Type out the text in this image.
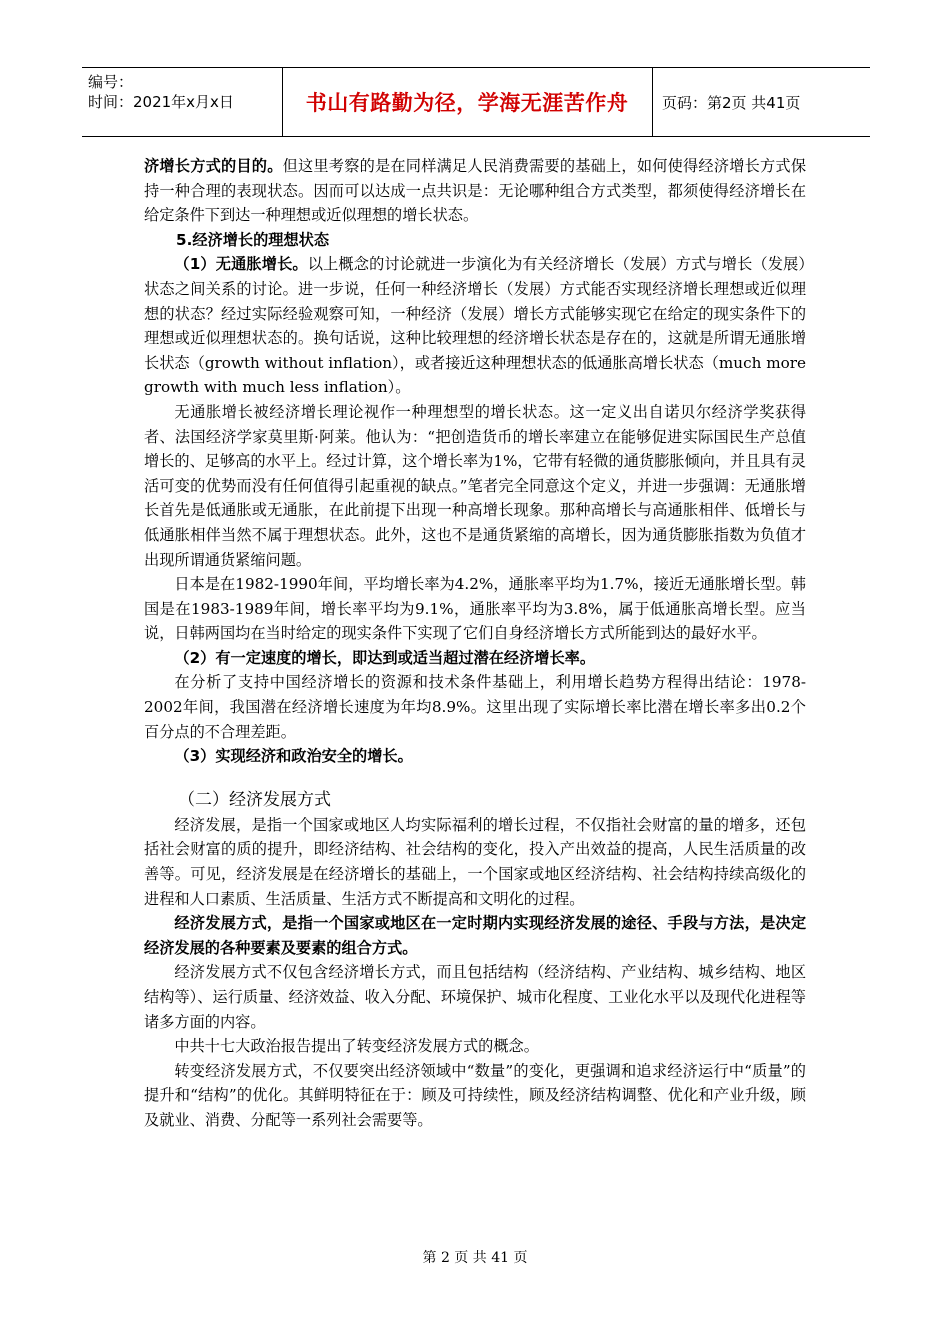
编号：
时间：2021年x月x日	书山有路勤为径，学海无涯苦作舟 页码：第2页 共41页

济增长方式的目的。但这里考察的是在同样满足人民消费需要的基础上，如何使得经济增长方式保持一种合理的表现状态。因而可以达成一点共识是：无论哪种组合方式类型，都须使得经济增长在给定条件下到达一种理想或近似理想的增长状态。

5.经济增长的理想状态

（1）无通胀增长。以上概念的讨论就进一步演化为有关经济增长（发展）方式与增长（发展）状态之间关系的讨论。进一步说，任何一种经济增长（发展）方式能否实现经济增长理想或近似理想的状态？经过实际经验观察可知，一种经济（发展）增长方式能够实现它在给定的现实条件下的理想或近似理想状态的。换句话说，这种比较理想的经济增长状态是存在的，这就是所谓无通胀增长状态（growth without inflation），或者接近这种理想状态的低通胀高增长状态（much more growth with much less inflation）。

无通胀增长被经济增长理论视作一种理想型的增长状态。这一定义出自诺贝尔经济学奖获得者、法国经济学家莫里斯·阿莱。他认为：“把创造货币的增长率建立在能够促进实际国民生产总值增长的、足够高的水平上。经过计算，这个增长率为1%，它带有轻微的通货膨胀倾向，并且具有灵活可变的优势而没有任何值得引起重视的缺点。”笔者完全同意这个定义，并进一步强调：无通胀增长首先是低通胀或无通胀，在此前提下出现一种高增长现象。那种高增长与高通胀相伴、低增长与低通胀相伴当然不属于理想状态。此外，这也不是通货紧缩的高增长，因为通货膨胀指数为负值才出现所谓通货紧缩问题。

日本是在1982-1990年间，平均增长率为4.2%，通胀率平均为1.7%，接近无通胀增长型。韩国是在1983-1989年间，增长率平均为9.1%，通胀率平均为3.8%，属于低通胀高增长型。应当说，日韩两国均在当时给定的现实条件下实现了它们自身经济增长方式所能到达的最好水平。

（2）有一定速度的增长，即达到或适当超过潜在经济增长率。

在分析了支持中国经济增长的资源和技术条件基础上，利用增长趋势方程得出结论：1978-2002年间，我国潜在经济增长速度为年均8.9%。这里出现了实际增长率比潜在增长率多出0.2个百分点的不合理差距。

（3）实现经济和政治安全的增长。

（二）经济发展方式

经济发展，是指一个国家或地区人均实际福利的增长过程，不仅指社会财富的量的增多，还包括社会财富的质的提升，即经济结构、社会结构的变化，投入产出效益的提高，人民生活质量的改善等。可见，经济发展是在经济增长的基础上，一个国家或地区经济结构、社会结构持续高级化的进程和人口素质、生活质量、生活方式不断提高和文明化的过程。

经济发展方式，是指一个国家或地区在一定时期内实现经济发展的途径、手段与方法，是决定经济发展的各种要素及要素的组合方式。

经济发展方式不仅包含经济增长方式，而且包括结构（经济结构、产业结构、城乡结构、地区结构等）、运行质量、经济效益、收入分配、环境保护、城市化程度、工业化水平以及现代化进程等诸多方面的内容。

中共十七大政治报告提出了转变经济发展方式的概念。

转变经济发展方式，不仅要突出经济领域中“数量”的变化，更强调和追求经济运行中“质量”的提升和“结构”的优化。其鲜明特征在于：顾及可持续性，顾及经济结构调整、优化和产业升级，顾及就业、消费、分配等一系列社会需要等。

第 2 页 共 41 页
